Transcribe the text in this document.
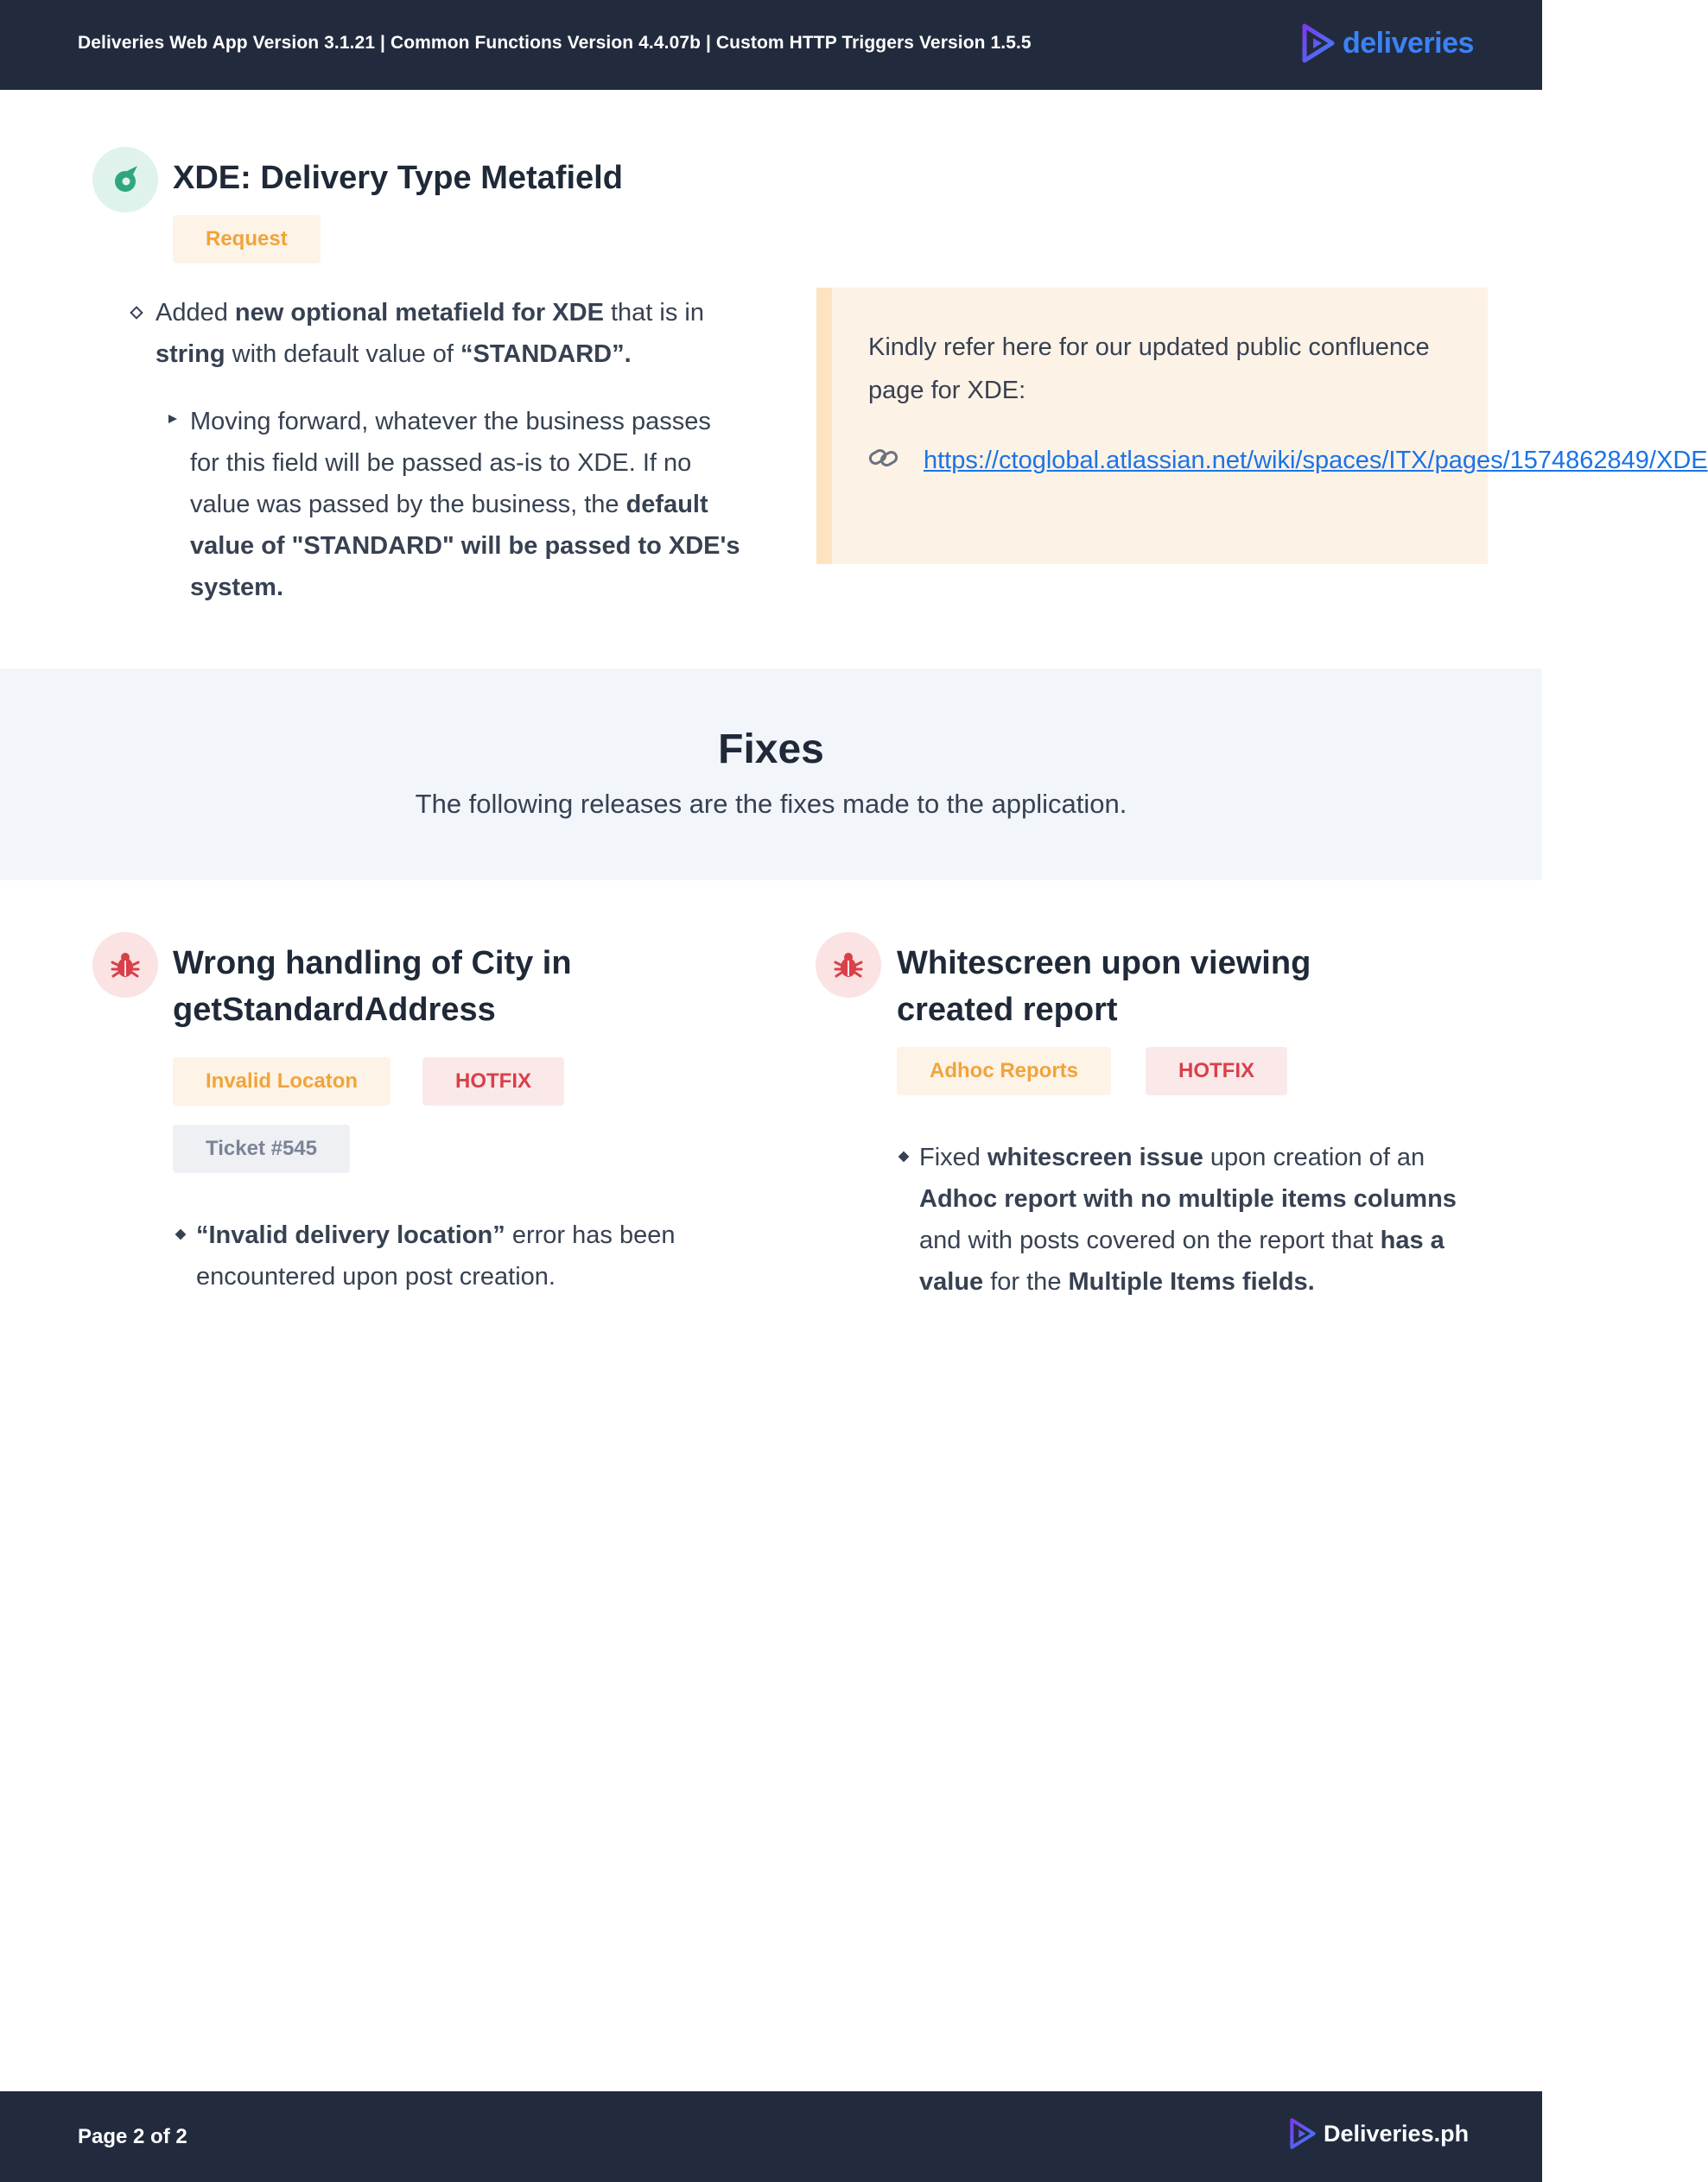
Deliveries Web App Version 3.1.21 | Common Functions Version 4.4.07b | Custom HTTP Triggers Version 1.5.5	deliveries
XDE: Delivery Type Metafield
Request
Added new optional metafield for XDE that is in string with default value of “STANDARD”.
Moving forward, whatever the business passes for this field will be passed as-is to XDE. If no value was passed by the business, the default value of "STANDARD" will be passed to XDE's system.
Kindly refer here for our updated public confluence page for XDE:
https://ctoglobal.atlassian.net/wiki/spaces/ITX/pages/1574862849/XDE
Fixes
The following releases are the fixes made to the application.
Wrong handling of City in getStandardAddress
Invalid Locaton	HOTFIX
Ticket #545
“Invalid delivery location” error has been encountered upon post creation.
Whitescreen upon viewing created report
Adhoc Reports	HOTFIX
Fixed whitescreen issue upon creation of an Adhoc report with no multiple items columns and with posts covered on the report that has a value for the Multiple Items fields.
Page 2 of 2	Deliveries.ph
